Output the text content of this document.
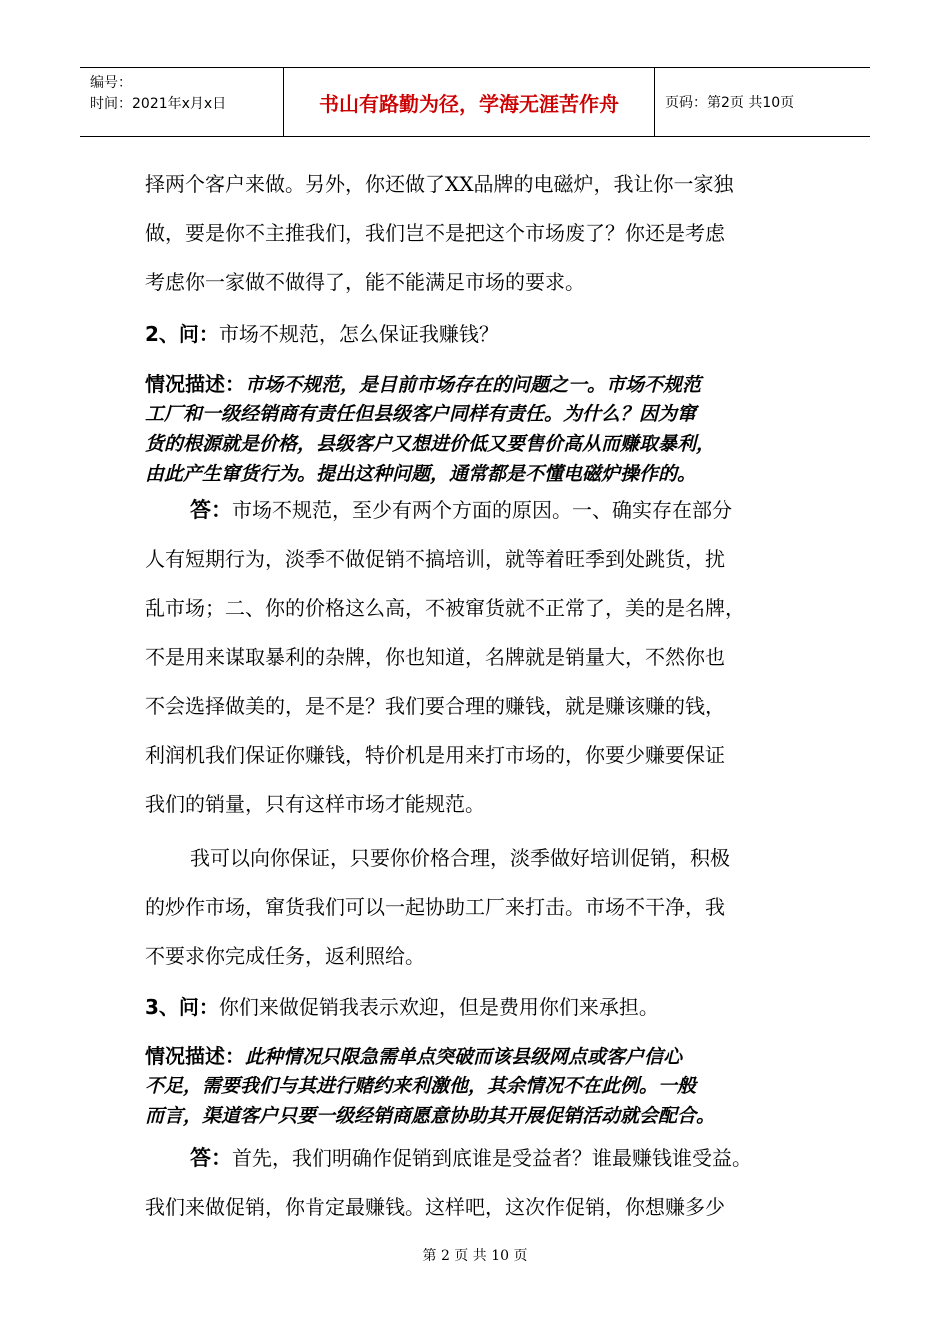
编号：
时间：2021年x月x日	书山有路勤为径，学海无涯苦作舟	页码：第2页 共10页
择两个客户来做。另外，你还做了XX品牌的电磁炉，我让你一家独
做，要是你不主推我们，我们岂不是把这个市场废了？你还是考虑
考虑你一家做不做得了，能不能满足市场的要求。
2、问：市场不规范，怎么保证我赚钱？
情况描述：市场不规范，是目前市场存在的问题之一。市场不规范
工厂和一级经销商有责任但县级客户同样有责任。为什么？因为窜
货的根源就是价格，县级客户又想进价低又要售价高从而赚取暴利，
由此产生窜货行为。提出这种问题，通常都是不懂电磁炉操作的。
答：市场不规范，至少有两个方面的原因。一、确实存在部分
人有短期行为，淡季不做促销不搞培训，就等着旺季到处跳货，扰
乱市场；二、你的价格这么高，不被窜货就不正常了，美的是名牌，
不是用来谋取暴利的杂牌，你也知道，名牌就是销量大，不然你也
不会选择做美的，是不是？我们要合理的赚钱，就是赚该赚的钱，
利润机我们保证你赚钱，特价机是用来打市场的，你要少赚要保证
我们的销量，只有这样市场才能规范。
我可以向你保证，只要你价格合理，淡季做好培训促销，积极
的炒作市场，窜货我们可以一起协助工厂来打击。市场不干净，我
不要求你完成任务，返利照给。
3、问：你们来做促销我表示欢迎，但是费用你们来承担。
情况描述：此种情况只限急需单点突破而该县级网点或客户信心
不足，需要我们与其进行赌约来利激他，其余情况不在此例。一般
而言，渠道客户只要一级经销商愿意协助其开展促销活动就会配合。
答：首先，我们明确作促销到底谁是受益者？谁最赚钱谁受益。
我们来做促销，你肯定最赚钱。这样吧，这次作促销，你想赚多少
第 2 页 共 10 页
